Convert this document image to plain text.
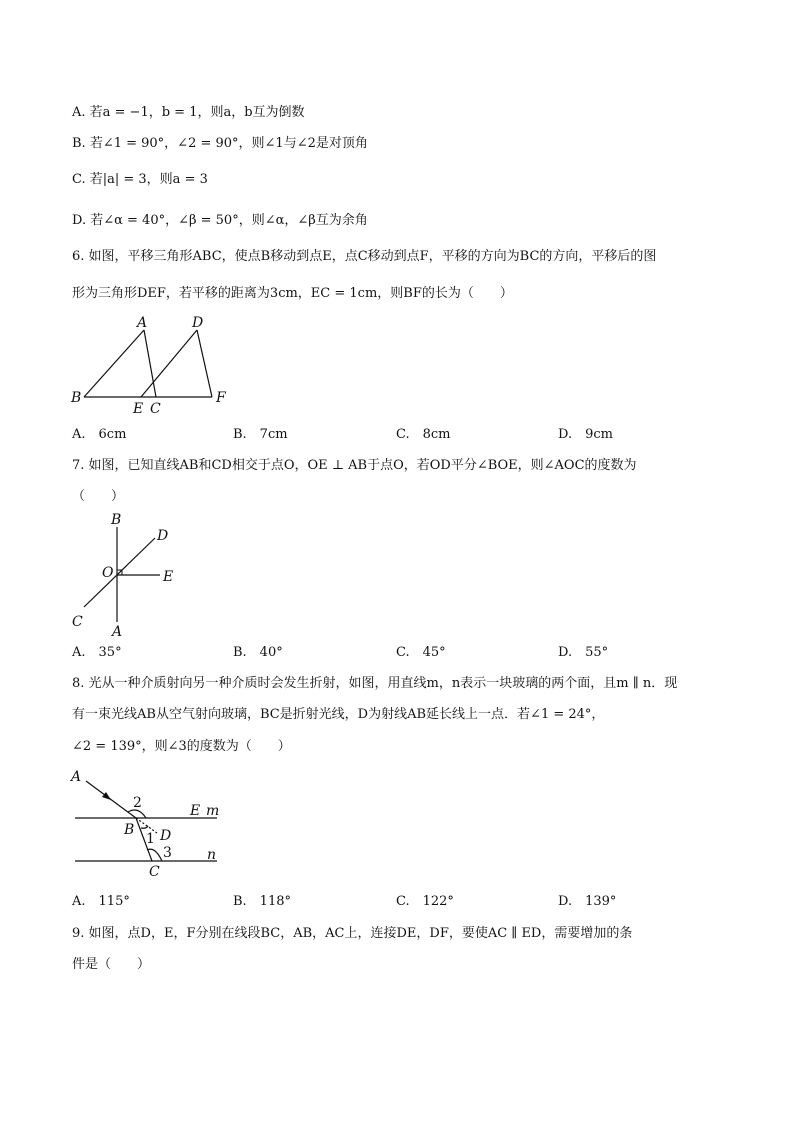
A. 若a = −1，b = 1，则a，b互为倒数
B. 若∠1 = 90°，∠2 = 90°，则∠1与∠2是对顶角
C. 若|a| = 3，则a = 3
D. 若∠α = 40°，∠β = 50°，则∠α，∠β互为余角
6. 如图，平移三角形ABC，使点B移动到点E，点C移动到点F，平移的方向为BC的方向，平移后的图
形为三角形DEF，若平移的距离为3cm，EC = 1cm，则BF的长为（　　）
A	D
B
E C
F
B
D
O	E
C
A
A
2	E m
B
1 D
3	n
C
A.　6cm	B.　7cm	C.　8cm	D.　9cm
7. 如图，已知直线AB和CD相交于点O，OE ⊥ AB于点O，若OD平分∠BOE，则∠AOC的度数为
（　　）
A.　35°	B.　40°	C.　45°	D.　55°
8. 光从一种介质射向另一种介质时会发生折射，如图，用直线m，n表示一块玻璃的两个面，且m ∥ n．现
有一束光线AB从空气射向玻璃，BC是折射光线，D为射线AB延长线上一点．若∠1 = 24°，
∠2 = 139°，则∠3的度数为（　　）
A.　115°	B.　118°	C.　122°	D.　139°
9. 如图，点D，E，F分别在线段BC，AB，AC上，连接DE，DF，要使AC ∥ ED，需要增加的条
件是（　　）
